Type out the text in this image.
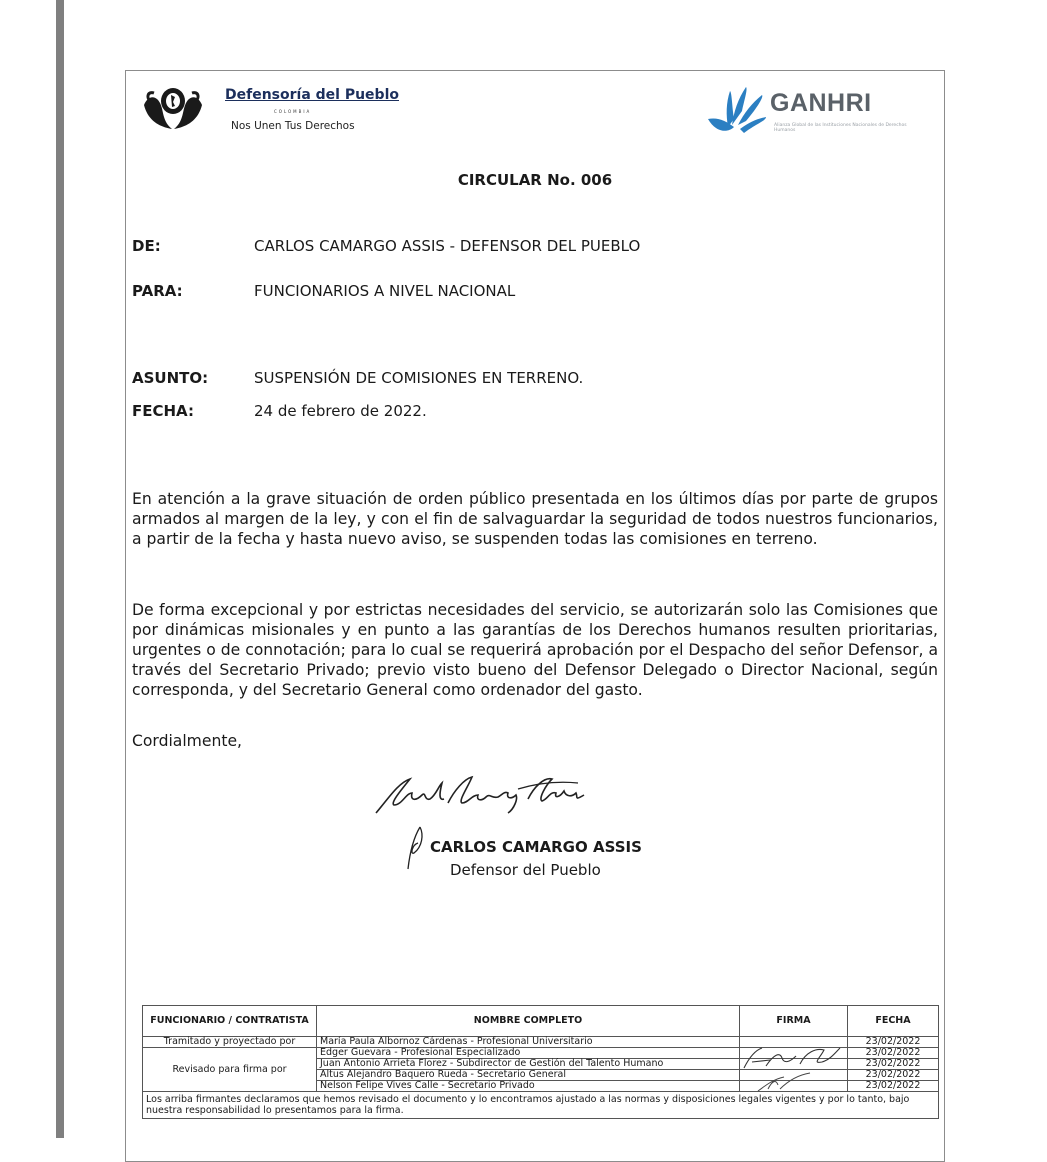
Defensoría del Pueblo
COLOMBIA
Nos Unen Tus Derechos
GANHRI
Alianza Global de las Instituciones Nacionales de Derechos Humanos
CIRCULAR No. 006
DE:	CARLOS CAMARGO ASSIS - DEFENSOR DEL PUEBLO
PARA:	FUNCIONARIOS A NIVEL NACIONAL
ASUNTO:	SUSPENSIÓN DE COMISIONES EN TERRENO.
FECHA:	24 de febrero de 2022.
En atención a la grave situación de orden público presentada en los últimos días por parte de grupos armados al margen de la ley, y con el fin de salvaguardar la seguridad de todos nuestros funcionarios, a partir de la fecha y hasta nuevo aviso, se suspenden todas las comisiones en terreno.
De forma excepcional y por estrictas necesidades del servicio, se autorizarán solo las Comisiones que por dinámicas misionales y en punto a las garantías de los Derechos humanos resulten prioritarias, urgentes o de connotación; para lo cual se requerirá aprobación por el Despacho del señor Defensor, a través del Secretario Privado; previo visto bueno del Defensor Delegado o Director Nacional, según corresponda, y del Secretario General como ordenador del gasto.
Cordialmente,
CARLOS CAMARGO ASSIS
Defensor del Pueblo
FUNCIONARIO / CONTRATISTA	NOMBRE COMPLETO	FIRMA	FECHA
Tramitado y proyectado por	María Paula Albornoz Cárdenas - Profesional Universitario		23/02/2022
Revisado para firma por	Edger Guevara - Profesional Especializado		23/02/2022
	Juan Antonio Arrieta Florez - Subdirector de Gestión del Talento Humano		23/02/2022
	Altus Alejandro Baquero Rueda - Secretario General		23/02/2022
	Nelson Felipe Vives Calle - Secretario Privado		23/02/2022
Los arriba firmantes declaramos que hemos revisado el documento y lo encontramos ajustado a las normas y disposiciones legales vigentes y por lo tanto, bajo nuestra responsabilidad lo presentamos para la firma.			
